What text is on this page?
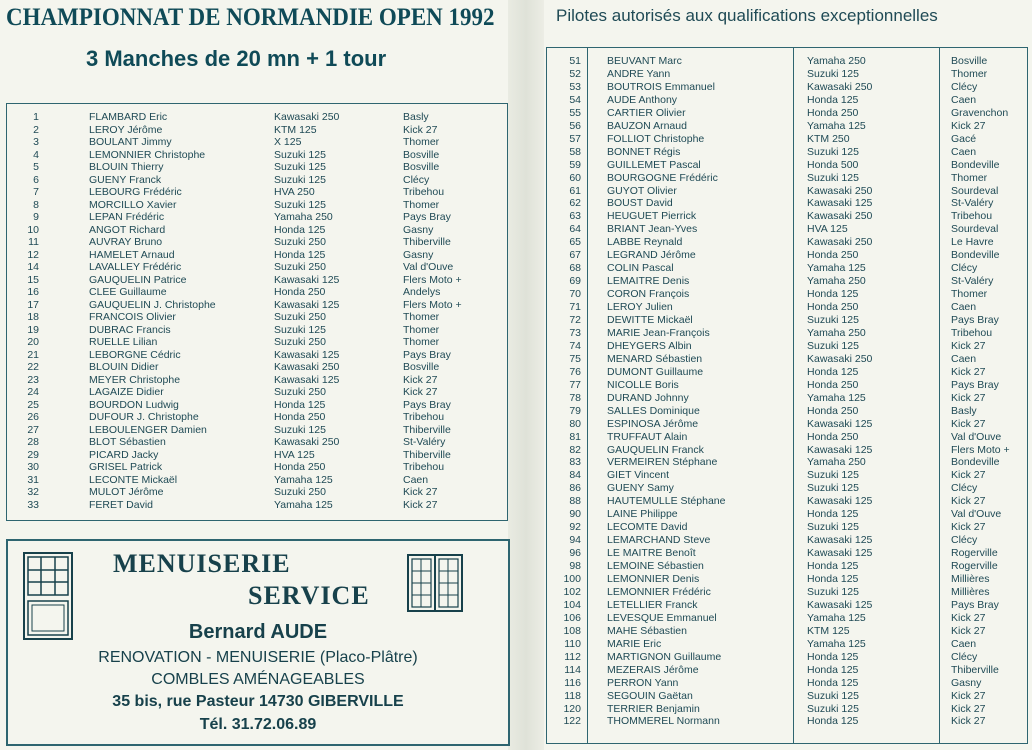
CHAMPIONNAT DE NORMANDIE OPEN 1992
3 Manches de 20 mn + 1 tour
Pilotes autorisés aux qualifications exceptionnelles
1	FLAMBARD Eric	Kawasaki 250	Basly
2	LEROY Jérôme	KTM 125	Kick 27
3	BOULANT Jimmy	X 125	Thomer
4	LEMONNIER Christophe	Suzuki 125	Bosville
5	BLOUIN Thierry	Suzuki 125	Bosville
6	GUENY Franck	Suzuki 125	Clécy
7	LEBOURG Frédéric	HVA 250	Tribehou
8	MORCILLO Xavier	Suzuki 125	Thomer
9	LEPAN Frédéric	Yamaha 250	Pays Bray
10	ANGOT Richard	Honda 125	Gasny
11	AUVRAY Bruno	Suzuki 250	Thiberville
12	HAMELET Arnaud	Honda 125	Gasny
14	LAVALLEY Frédéric	Suzuki 250	Val d'Ouve
15	GAUQUELIN Patrice	Kawasaki 125	Flers Moto +
16	CLEE Guillaume	Honda 250	Andelys
17	GAUQUELIN J. Christophe	Kawasaki 125	Flers Moto +
18	FRANCOIS Olivier	Suzuki 250	Thomer
19	DUBRAC Francis	Suzuki 125	Thomer
20	RUELLE Lilian	Suzuki 250	Thomer
21	LEBORGNE Cédric	Kawasaki 125	Pays Bray
22	BLOUIN Didier	Kawasaki 250	Bosville
23	MEYER Christophe	Kawasaki 125	Kick 27
24	LAGAIZE Didier	Suzuki 250	Kick 27
25	BOURDON Ludwig	Honda 125	Pays Bray
26	DUFOUR J. Christophe	Honda 250	Tribehou
27	LEBOULENGER Damien	Suzuki 125	Thiberville
28	BLOT Sébastien	Kawasaki 250	St-Valéry
29	PICARD Jacky	HVA 125	Thiberville
30	GRISEL Patrick	Honda 250	Tribehou
31	LECONTE Mickaël	Yamaha 125	Caen
32	MULOT Jérôme	Suzuki 250	Kick 27
33	FERET David	Yamaha 125	Kick 27
51 BEUVANT Marc	Yamaha 250	Bosville
52 ANDRE Yann	Suzuki 125	Thomer
53 BOUTROIS Emmanuel	Kawasaki 250	Clécy
54 AUDE Anthony	Honda 125	Caen
55 CARTIER Olivier	Honda 250	Gravenchon
56 BAUZON Arnaud	Yamaha 125	Kick 27
57 FOLLIOT Christophe	KTM 250	Gacé
58 BONNET Régis	Suzuki 125	Caen
59 GUILLEMET Pascal	Honda 500	Bondeville
60 BOURGOGNE Frédéric	Suzuki 125	Thomer
61 GUYOT Olivier	Kawasaki 250	Sourdeval
62 BOUST David	Kawasaki 125	St-Valéry
63 HEUGUET Pierrick	Kawasaki 250	Tribehou
64 BRIANT Jean-Yves	HVA 125	Sourdeval
65 LABBE Reynald	Kawasaki 250	Le Havre
67 LEGRAND Jérôme	Honda 250	Bondeville
68 COLIN Pascal	Yamaha 125	Clécy
69 LEMAITRE Denis	Yamaha 250	St-Valéry
70 CORON François	Honda 125	Thomer
71 LEROY Julien	Honda 250	Caen
72 DEWITTE Mickaël	Suzuki 125	Pays Bray
73 MARIE Jean-François	Yamaha 250	Tribehou
74 DHEYGERS Albin	Suzuki 125	Kick 27
75 MENARD Sébastien	Kawasaki 250	Caen
76 DUMONT Guillaume	Honda 125	Kick 27
77 NICOLLE Boris	Honda 250	Pays Bray
78 DURAND Johnny	Yamaha 125	Kick 27
79 SALLES Dominique	Honda 250	Basly
80 ESPINOSA Jérôme	Kawasaki 125	Kick 27
81 TRUFFAUT Alain	Honda 250	Val d'Ouve
82 GAUQUELIN Franck	Kawasaki 125	Flers Moto +
83 VERMEIREN Stéphane	Yamaha 250	Bondeville
84 GIET Vincent	Suzuki 125	Kick 27
86 GUENY Samy	Suzuki 125	Clécy
88 HAUTEMULLE Stéphane	Kawasaki 125	Kick 27
90 LAINE Philippe	Honda 125	Val d'Ouve
92 LECOMTE David	Suzuki 125	Kick 27
94 LEMARCHAND Steve	Kawasaki 125	Clécy
96 LE MAITRE Benoît	Kawasaki 125	Rogerville
98 LEMOINE Sébastien	Honda 125	Rogerville
100 LEMONNIER Denis	Honda 125	Millières
102 LEMONNIER Frédéric	Suzuki 125	Millières
104 LETELLIER Franck	Kawasaki 125	Pays Bray
106 LEVESQUE Emmanuel	Yamaha 125	Kick 27
108 MAHE Sébastien	KTM 125	Kick 27
110 MARIE Eric	Yamaha 125	Caen
112 MARTIGNON Guillaume	Honda 125	Clécy
114 MEZERAIS Jérôme	Honda 125	Thiberville
116 PERRON Yann	Honda 125	Gasny
118 SEGOUIN Gaëtan	Suzuki 125	Kick 27
120 TERRIER Benjamin	Suzuki 125	Kick 27
122 THOMMEREL Normann	Honda 125	Kick 27
MENUISERIE
SERVICE
Bernard AUDE
RENOVATION - MENUISERIE (Placo-Plâtre)
COMBLES AMÉNAGEABLES
35 bis, rue Pasteur 14730 GIBERVILLE
Tél. 31.72.06.89
